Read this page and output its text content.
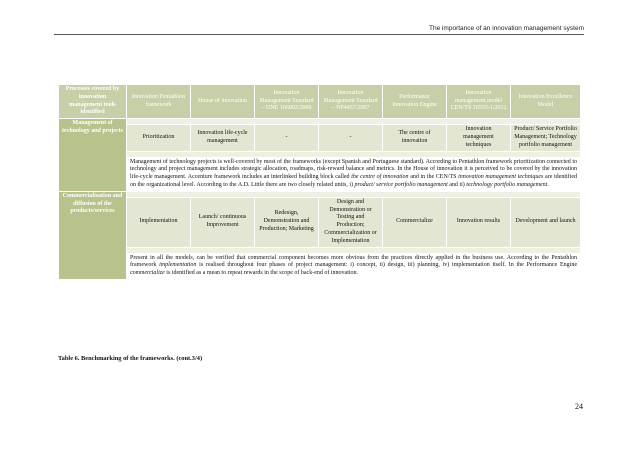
The importance of an innovation management system
Processes covered by innovation management tools identified	Innovation Pentathlon framework	House of innovation	Innovation Management Standard – UNE 166002:2006	Innovation Management Standard – NP4457:2007	Performance Innovation Engine	Innovation management model CEN/TS 16555-1:2012	Innovation Excellence Model
Management of technology and projects							
	Prioritization	Innovation life-cycle management	-	-	The centre of innovation	Innovation management techniques	Product/ Service Portfolio Management; Technology portfolio management

	Management of technology projects is well-covered by most of the frameworks (except Spanish and Portuguese standard). According to Pentathlon framework prioritization connected to technology and project management includes strategic allocation, roadmaps, risk-reward balance and metrics. In the House of innovation it is perceived to be covered by the innovation life-cycle management. Accenture framework includes an interlinked building block called the centre of innovation and in the CEN/TS innovation management techniques are identified on the organizational level. According to the A.D. Little there are two closely related units, i) product/ service portfolio management and ii) technology portfolio management.						
Commercialisation and diffusion of the products/services							
	Implementation	Launch/ continuous Improvement	Redesign, Demonstration and Production; Marketing	Design and Demonstration or Testing and Production; Commercialization or Implementation	Commercialize	Innovation results	Development and launch

	Present in all the models, can be verified that commercial component becomes more obvious from the practices directly applied in the business use. According to the Pentathlon framework implementation is realised throughout four phases of project management: i) concept, ii) design, iii) planning, iv) implementation itself. In the Performance Engine commercialize is identified as a mean to repeat rewards in the scope of back-end of innovation.						
Table 6. Benchmarking of the frameworks. (cont.3/4)
24
